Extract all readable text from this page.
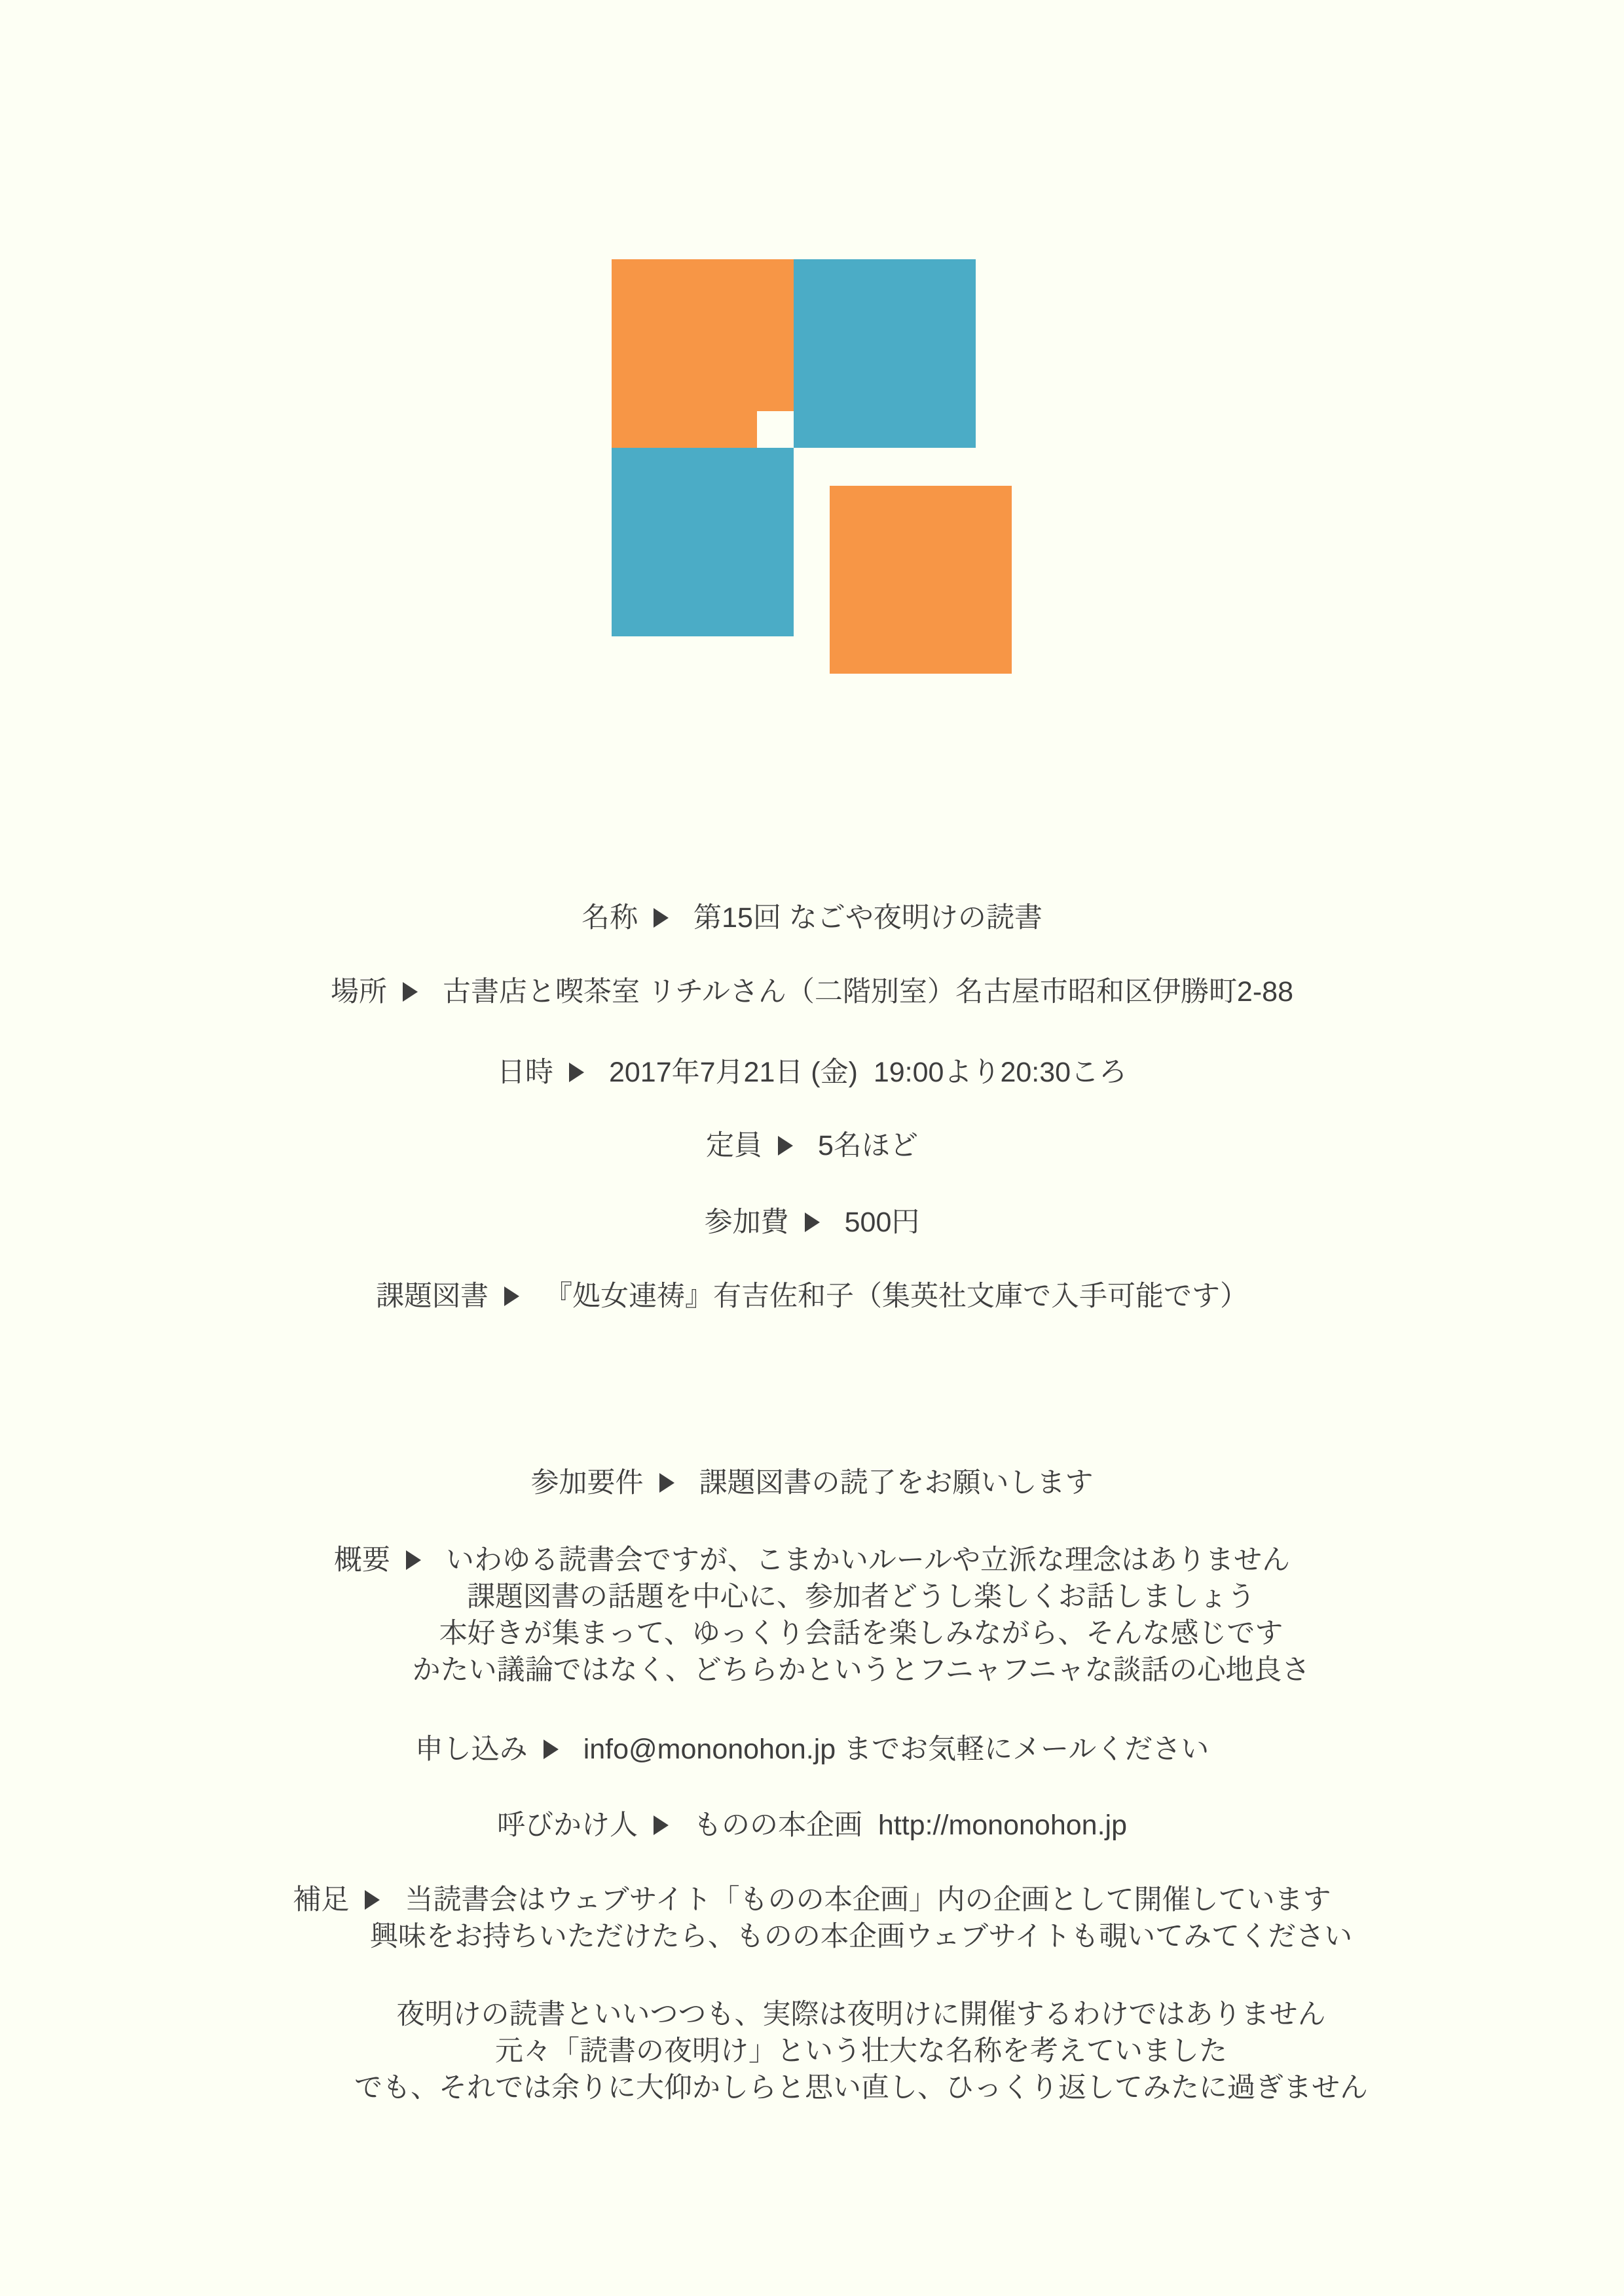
名称 第15回 なごや夜明けの読書
場所 古書店と喫茶室 リチルさん（二階別室）名古屋市昭和区伊勝町2-88
日時 2017年7月21日 (金)  19:00より20:30ころ
定員 5名ほど
参加費 500円
課題図書 『処女連祷』有吉佐和子（集英社文庫で入手可能です）
参加要件 課題図書の読了をお願いします
概要 いわゆる読書会ですが、こまかいルールや立派な理念はありません
課題図書の話題を中心に、参加者どうし楽しくお話しましょう
本好きが集まって、ゆっくり会話を楽しみながら、そんな感じです
かたい議論ではなく、どちらかというとフニャフニャな談話の心地良さ
申し込み info@mononohon.jp までお気軽にメールください
呼びかけ人 ものの本企画  http://mononohon.jp
補足 当読書会はウェブサイト「ものの本企画」内の企画として開催しています
興味をお持ちいただけたら、ものの本企画ウェブサイトも覗いてみてください
夜明けの読書といいつつも、実際は夜明けに開催するわけではありません
元々「読書の夜明け」という壮大な名称を考えていました
でも、それでは余りに大仰かしらと思い直し、ひっくり返してみたに過ぎません
